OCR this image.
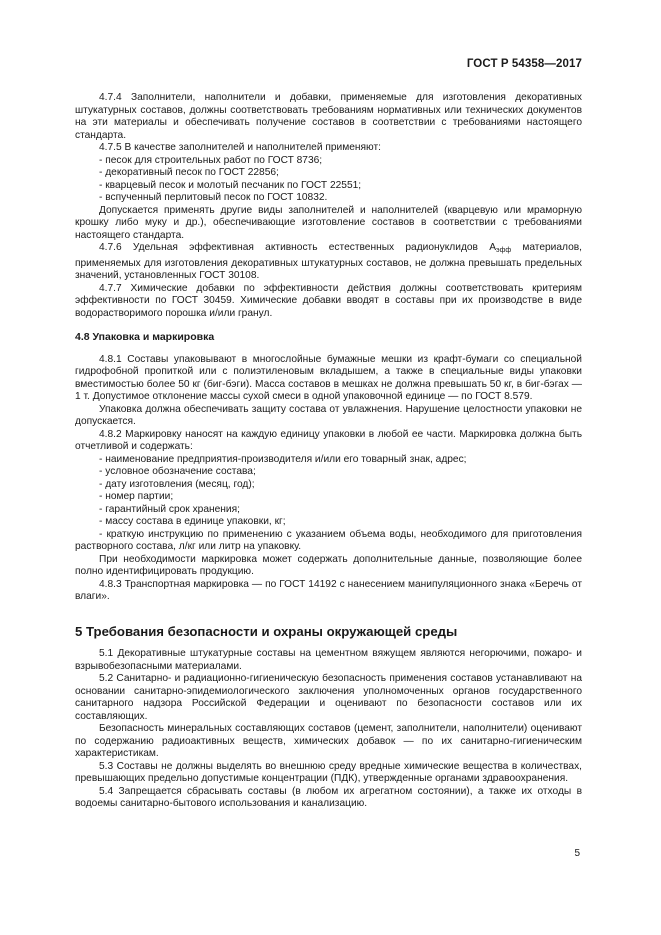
ГОСТ Р 54358—2017

4.7.4 Заполнители, наполнители и добавки, применяемые для изготовления декоративных штукатурных составов, должны соответствовать требованиям нормативных или технических документов на эти материалы и обеспечивать получение составов в соответствии с требованиями настоящего стандарта.

4.7.5 В качестве заполнителей и наполнителей применяют:

- песок для строительных работ по ГОСТ 8736;

- декоративный песок по ГОСТ 22856;

- кварцевый песок и молотый песчаник по ГОСТ 22551;

- вспученный перлитовый песок по ГОСТ 10832.

Допускается применять другие виды заполнителей и наполнителей (кварцевую или мраморную крошку либо муку и др.), обеспечивающие изготовление составов в соответствии с требованиями настоящего стандарта.

4.7.6 Удельная эффективная активность естественных радионуклидов $А_{эфф}$ материалов, применяемых для изготовления декоративных штукатурных составов, не должна превышать предельных значений, установленных ГОСТ 30108.

4.7.7 Химические добавки по эффективности действия должны соответствовать критериям эффективности по ГОСТ 30459. Химические добавки вводят в составы при их производстве в виде водорастворимого порошка и/или гранул.

4.8 Упаковка и маркировка

4.8.1 Составы упаковывают в многослойные бумажные мешки из крафт-бумаги со специальной гидрофобной пропиткой или с полиэтиленовым вкладышем, а также в специальные виды упаковки вместимостью более 50 кг (биг-бэги). Масса составов в мешках не должна превышать 50 кг, в биг-бэгах — 1 т. Допустимое отклонение массы сухой смеси в одной упаковочной единице — по ГОСТ 8.579.

Упаковка должна обеспечивать защиту состава от увлажнения. Нарушение целостности упаковки не допускается.

4.8.2 Маркировку наносят на каждую единицу упаковки в любой ее части. Маркировка должна быть отчетливой и содержать:

- наименование предприятия-производителя и/или его товарный знак, адрес;

- условное обозначение состава;

- дату изготовления (месяц, год);

- номер партии;

- гарантийный срок хранения;

- массу состава в единице упаковки, кг;

- краткую инструкцию по применению с указанием объема воды, необходимого для приготовления растворного состава, л/кг или литр на упаковку.

При необходимости маркировка может содержать дополнительные данные, позволяющие более полно идентифицировать продукцию.

4.8.3 Транспортная маркировка — по ГОСТ 14192 с нанесением манипуляционного знака «Беречь от влаги».

5 Требования безопасности и охраны окружающей среды

5.1 Декоративные штукатурные составы на цементном вяжущем являются негорючими, пожаро- и взрывобезопасными материалами.

5.2 Санитарно- и радиационно-гигиеническую безопасность применения составов устанавливают на основании санитарно-эпидемиологического заключения уполномоченных органов государственного санитарного надзора Российской Федерации и оценивают по безопасности составов или их составляющих.

Безопасность минеральных составляющих составов (цемент, заполнители, наполнители) оценивают по содержанию радиоактивных веществ, химических добавок — по их санитарно-гигиеническим характеристикам.

5.3 Составы не должны выделять во внешнюю среду вредные химические вещества в количествах, превышающих предельно допустимые концентрации (ПДК), утвержденные органами здравоохранения.

5.4 Запрещается сбрасывать составы (в любом их агрегатном состоянии), а также их отходы в водоемы санитарно-бытового использования и канализацию.

5
